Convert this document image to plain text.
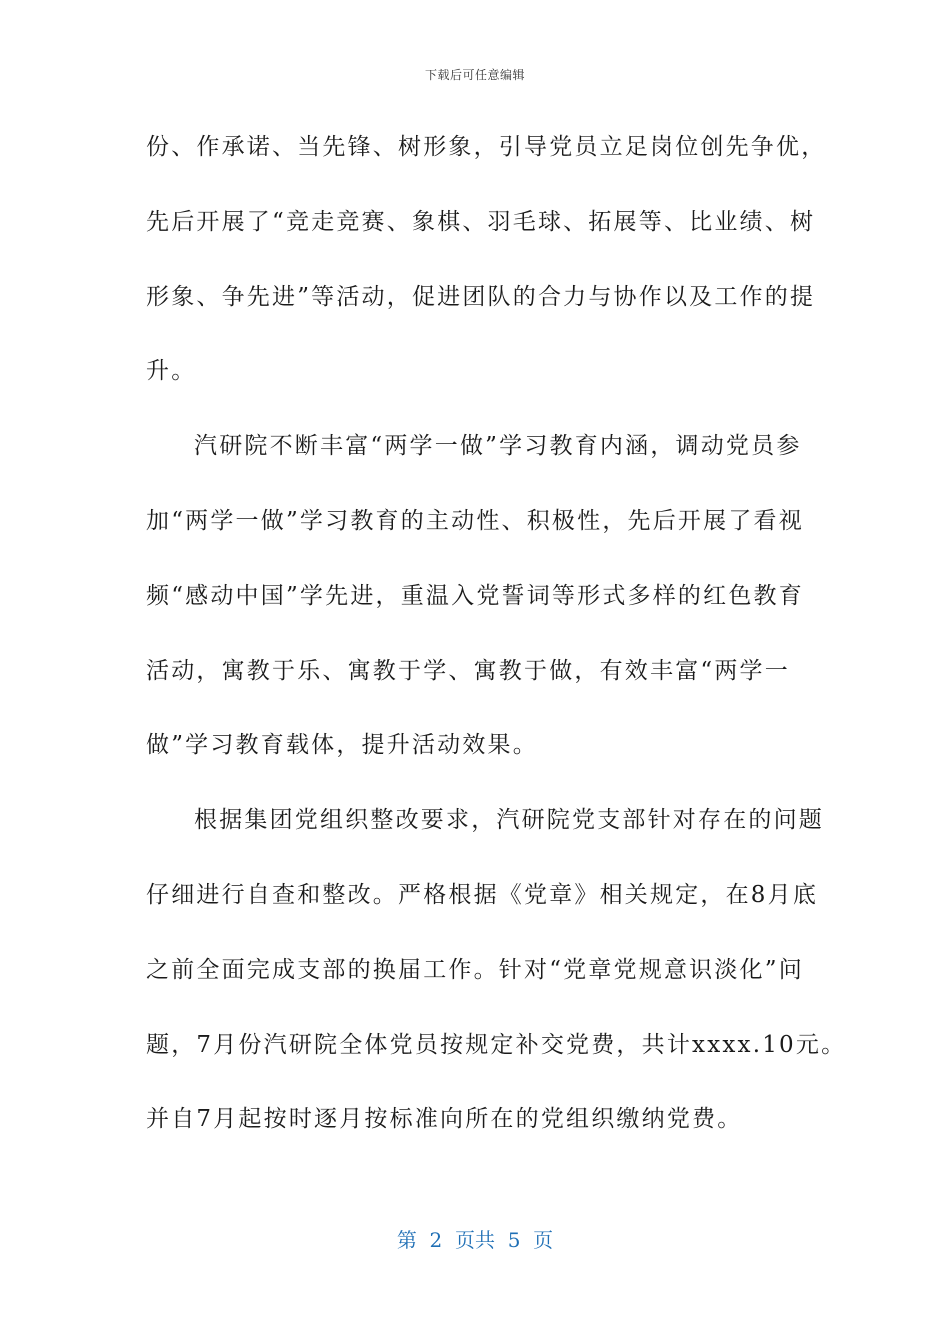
下载后可任意编辑
份、作承诺、当先锋、树形象，引导党员立足岗位创先争优，
先后开展了“竞走竞赛、象棋、羽毛球、拓展等、比业绩、树
形象、争先进”等活动，促进团队的合力与协作以及工作的提
升。
汽研院不断丰富“两学一做”学习教育内涵，调动党员参
加“两学一做”学习教育的主动性、积极性，先后开展了看视
频“感动中国”学先进，重温入党誓词等形式多样的红色教育
活动，寓教于乐、寓教于学、寓教于做，有效丰富“两学一
做”学习教育载体，提升活动效果。
根据集团党组织整改要求，汽研院党支部针对存在的问题
仔细进行自查和整改。严格根据《党章》相关规定，在8月底
之前全面完成支部的换届工作。针对“党章党规意识淡化”问
题，7月份汽研院全体党员按规定补交党费，共计xxxx.10元。
并自7月起按时逐月按标准向所在的党组织缴纳党费。
第  2  页共  5  页
